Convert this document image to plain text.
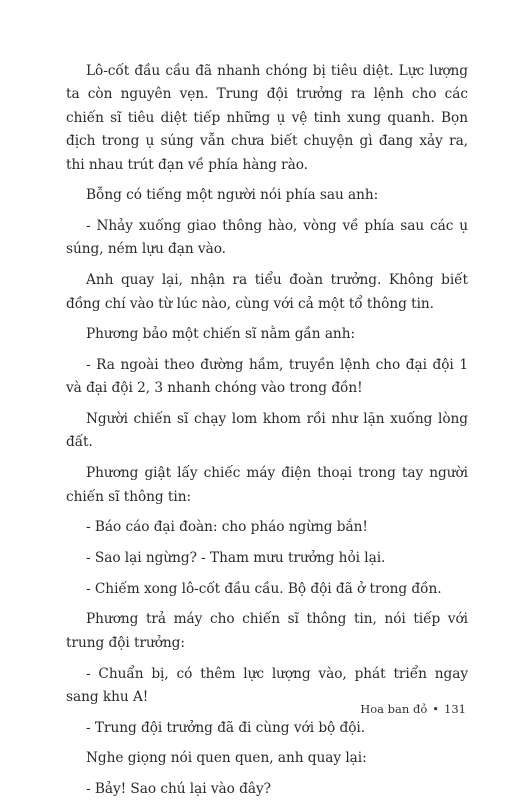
Lô-cốt đầu cầu đã nhanh chóng bị tiêu diệt. Lực lượng ta còn nguyên vẹn. Trung đội trưởng ra lệnh cho các chiến sĩ tiêu diệt tiếp những ụ vệ tinh xung quanh. Bọn địch trong ụ súng vẫn chưa biết chuyện gì đang xảy ra, thi nhau trút đạn về phía hàng rào.

Bỗng có tiếng một người nói phía sau anh:

- Nhảy xuống giao thông hào, vòng về phía sau các ụ súng, ném lựu đạn vào.

Anh quay lại, nhận ra tiểu đoàn trưởng. Không biết đồng chí vào từ lúc nào, cùng với cả một tổ thông tin.

Phương bảo một chiến sĩ nằm gần anh:

- Ra ngoài theo đường hầm, truyền lệnh cho đại đội 1 và đại đội 2, 3 nhanh chóng vào trong đồn!

Người chiến sĩ chạy lom khom rồi như lặn xuống lòng đất.

Phương giật lấy chiếc máy điện thoại trong tay người chiến sĩ thông tin:

- Báo cáo đại đoàn: cho pháo ngừng bắn!

- Sao lại ngừng? - Tham mưu trưởng hỏi lại.

- Chiếm xong lô-cốt đầu cầu. Bộ đội đã ở trong đồn.

Phương trả máy cho chiến sĩ thông tin, nói tiếp với trung đội trưởng:

- Chuẩn bị, có thêm lực lượng vào, phát triển ngay sang khu A!

- Trung đội trưởng đã đi cùng với bộ đội.

Nghe giọng nói quen quen, anh quay lại:

- Bảy! Sao chú lại vào đây?

Hoa ban đỏ • 131
